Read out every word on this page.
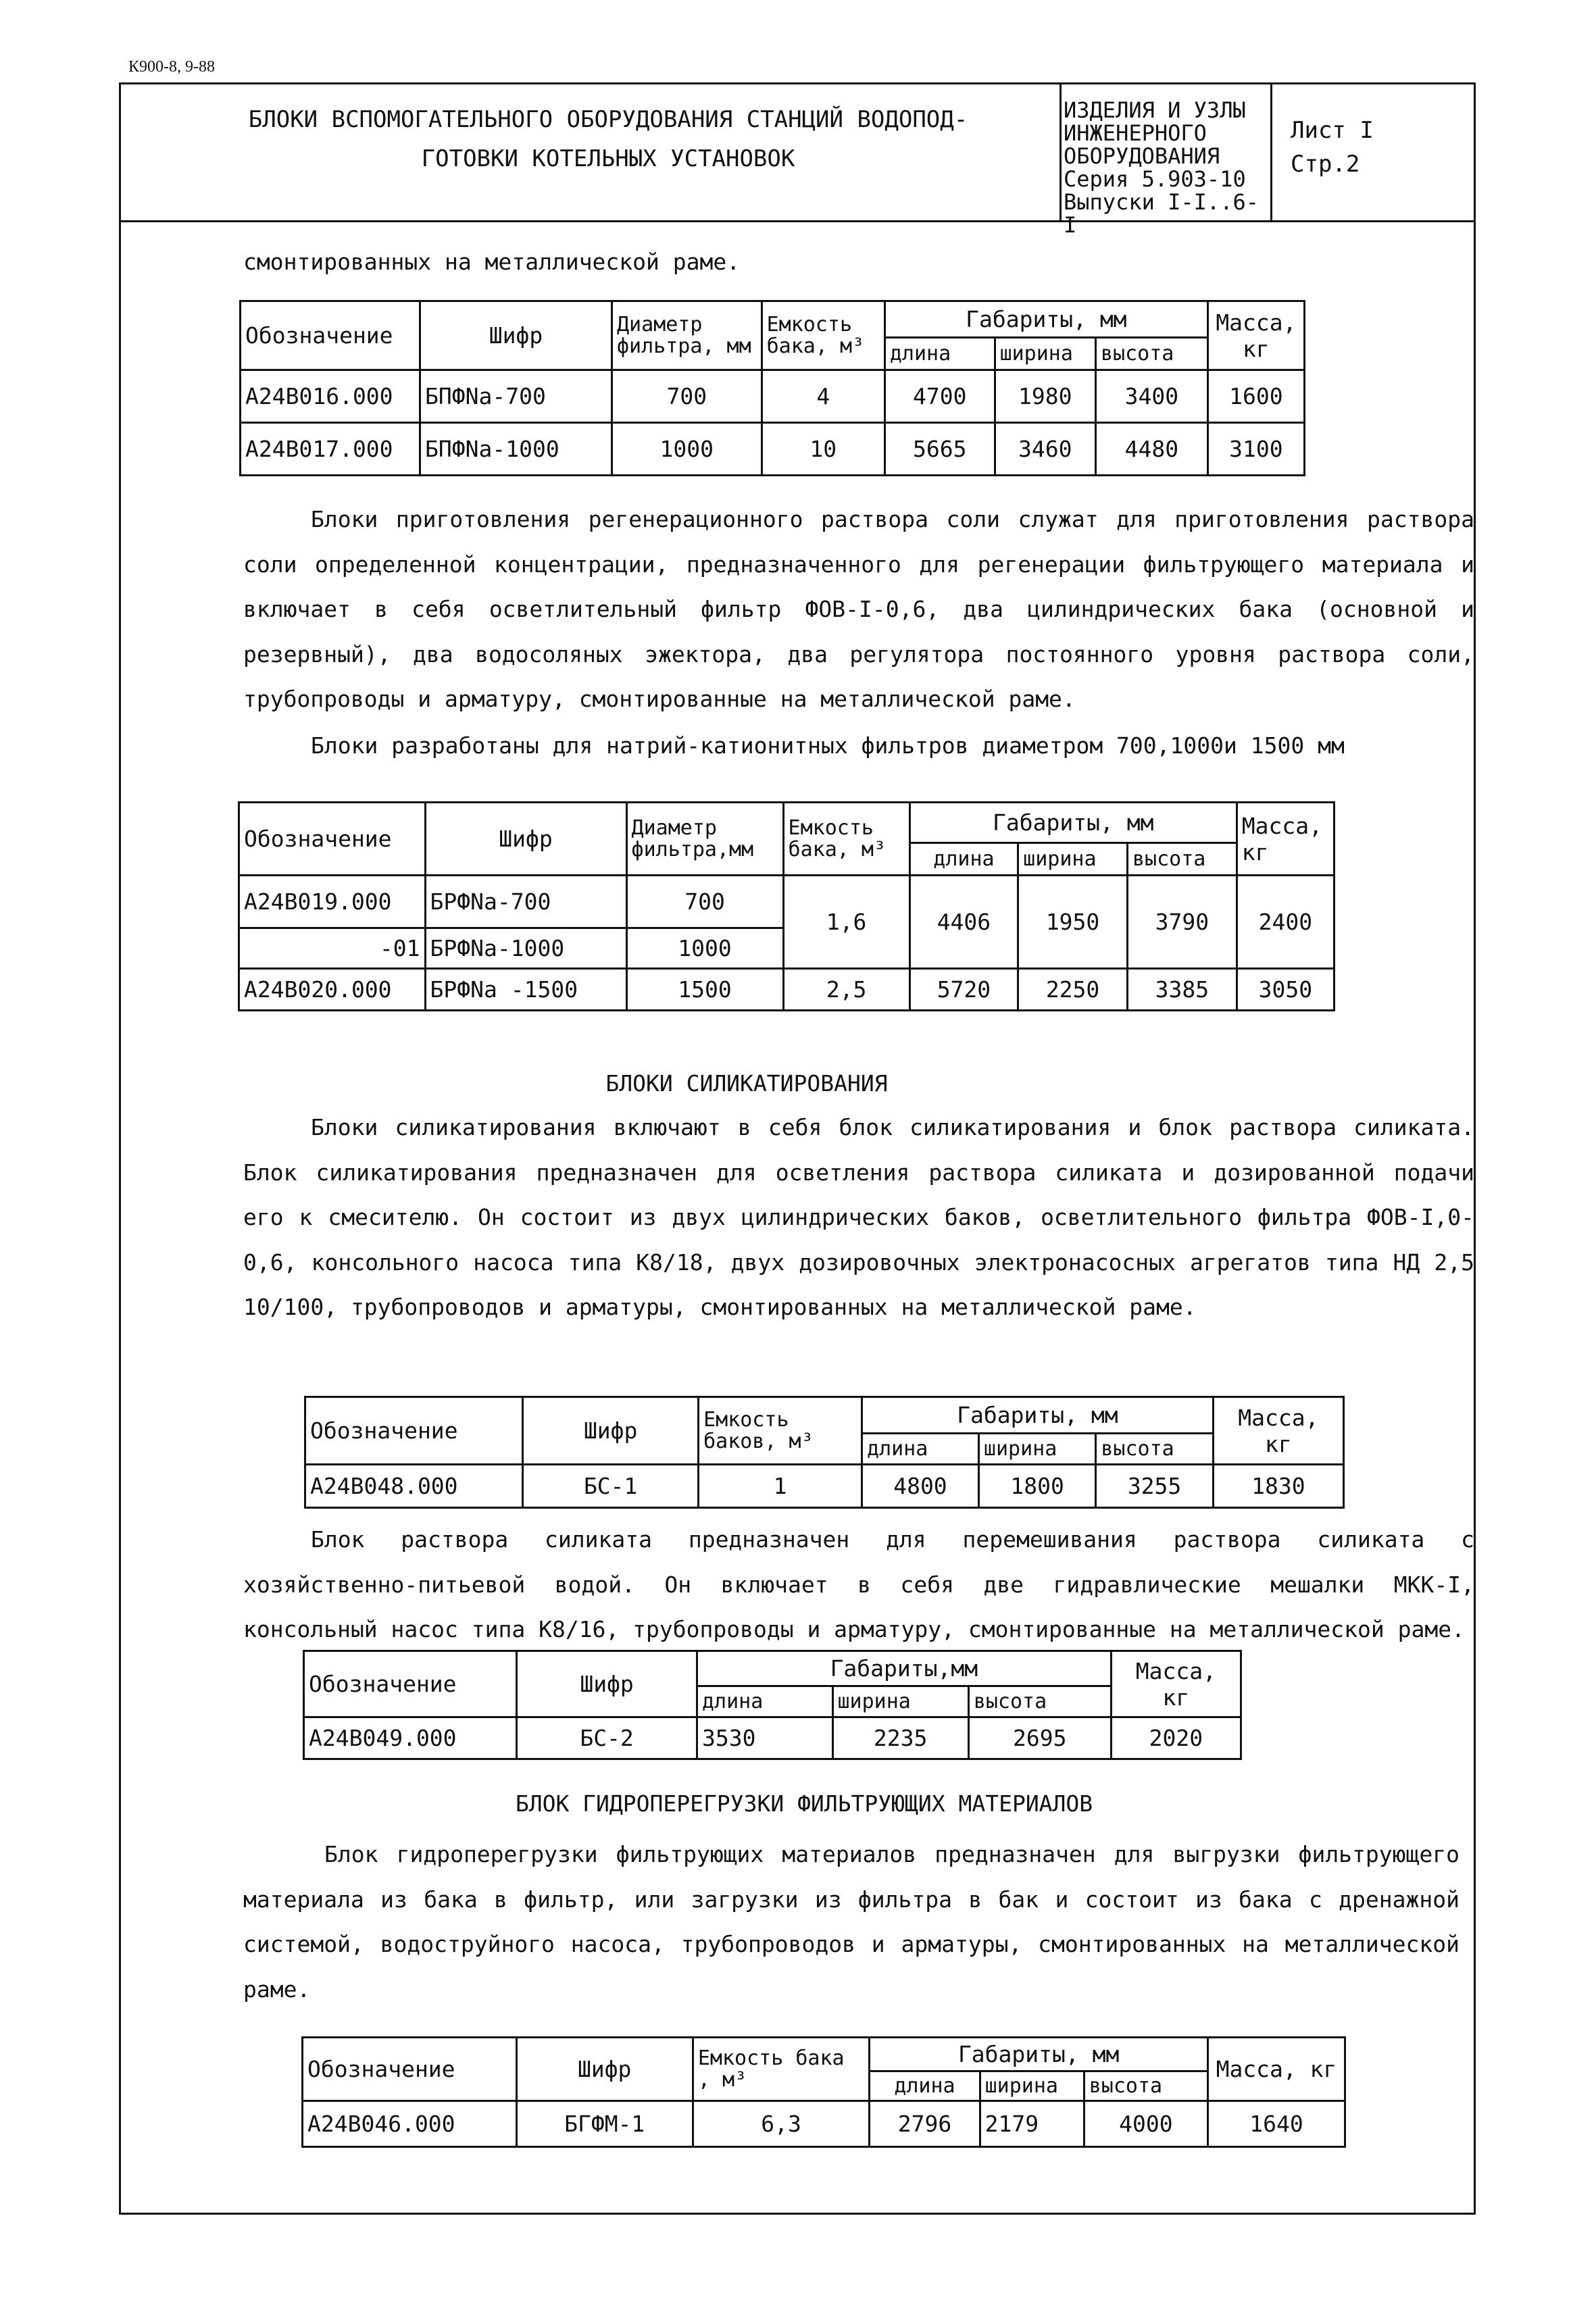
К900-8, 9-88
БЛОКИ ВСПОМОГАТЕЛЬНОГО ОБОРУДОВАНИЯ СТАНЦИЙ ВОДОПОД-
ГОТОВКИ КОТЕЛЬНЫХ УСТАНОВОК
ИЗДЕЛИЯ И УЗЛЫ
ИНЖЕНЕРНОГО
ОБОРУДОВАНИЯ
Серия 5.903-10
Выпуски I-I..6-I
Лист I
Стр.2
смонтированных на металлической раме.
Обозначение	Шифр	Диаметр фильтра, мм	Емкость бака, м³	Габариты, мм			Масса, кг
				длина	ширина	высота	
А24В016.000	БПФNа-700	700	4	4700	1980	3400	1600
А24В017.000	БПФNа-1000	1000	10	5665	3460	4480	3100
Блоки приготовления регенерационного раствора соли служат для приготовления раствора соли определенной концентрации, предназначенного для регенерации фильтрующего материала и включает в себя осветлительный фильтр ФОВ-I-0,6, два цилиндрических бака (основной и резервный), два водосоляных эжектора, два регулятора постоянного уровня раствора соли, трубопроводы и арматуру, смонтированные на металлической раме.
Блоки разработаны для натрий-катионитных фильтров диаметром 700,1000и 1500 мм
Обозначение	Шифр	Диаметр фильтра,мм	Емкость бака, м³	Габариты, мм			Масса, кг
				длина	ширина	высота	
А24В019.000	БРФNа-700	700	1,6	4406	1950	3790	2400
-01	БРФNа-1000	1000					
А24В020.000	БРФNа -1500	1500	2,5	5720	2250	3385	3050
БЛОКИ СИЛИКАТИРОВАНИЯ
Блоки силикатирования включают в себя блок силикатирования и блок раствора силиката. Блок силикатирования предназначен для осветления раствора силиката и дозированной подачи его к смесителю. Он состоит из двух цилиндрических баков, осветлительного фильтра ФОВ-I,0-0,6, консольного насоса типа К8/18, двух дозировочных электронасосных агрегатов типа НД 2,5 10/100, трубопроводов и арматуры, смонтированных на металлической раме.
Обозначение	Шифр	Емкость баков, м³	Габариты, мм			Масса, кг
			длина	ширина	высота	
А24В048.000	БС-1	1	4800	1800	3255	1830
Блок раствора силиката предназначен для перемешивания раствора силиката с хозяйственно-питьевой водой. Он включает в себя две гидравлические мешалки МКК-I, консольный насос типа К8/16, трубопроводы и арматуру, смонтированные на металлической раме.
Обозначение	Шифр	Габариты,мм			Масса, кг
		длина	ширина	высота	
А24В049.000	БС-2	3530	2235	2695	2020
БЛОК ГИДРОПЕРЕГРУЗКИ ФИЛЬТРУЮЩИХ МАТЕРИАЛОВ
Блок гидроперегрузки фильтрующих материалов предназначен для выгрузки фильтрующего материала из бака в фильтр, или загрузки из фильтра в бак и состоит из бака с дренажной системой, водоструйного насоса, трубопроводов и арматуры, смонтированных на металлической раме.
Обозначение	Шифр	Емкость бака , м³	Габариты, мм			Масса, кг
			длина	ширина	высота	
А24В046.000	БГФМ-1	6,3	2796	2179	4000	1640
